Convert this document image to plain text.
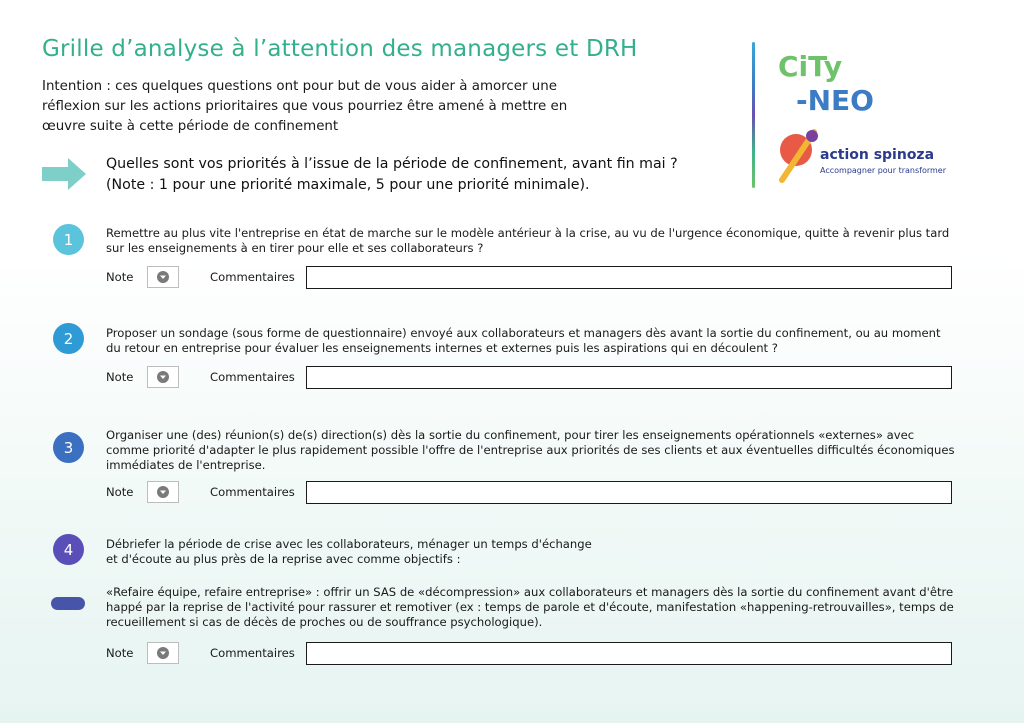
Grille d’analyse à l’attention des managers et DRH
Intention : ces quelques questions ont pour but de vous aider à amorcer une réflexion sur les actions prioritaires que vous pourriez être amené à mettre en œuvre suite à cette période de confinement
CiTy
-NEO
action spinoza
Accompagner pour transformer
Quelles sont vos priorités à l’issue de la période de confinement, avant fin mai ?
(Note : 1 pour une priorité maximale, 5 pour une priorité minimale).
1	Remettre au plus vite l'entreprise en état de marche sur le modèle antérieur à la crise, au vu de l'urgence économique, quitte à revenir plus tard sur les enseignements à en tirer pour elle et ses collaborateurs ?
Note	Commentaires
2	Proposer un sondage (sous forme de questionnaire) envoyé aux collaborateurs et managers dès avant la sortie du confinement, ou au moment du retour en entreprise pour évaluer les enseignements internes et externes puis les aspirations qui en découlent ?
Note	Commentaires
3
Organiser une (des) réunion(s) de(s) direction(s) dès la sortie du confinement, pour tirer les enseignements opérationnels «externes» avec comme priorité d'adapter le plus rapidement possible l'offre de l'entreprise aux priorités de ses clients et aux éventuelles difficultés économiques immédiates de l'entreprise.
Note	Commentaires
4	Débriefer la période de crise avec les collaborateurs, ménager un temps d'échange et d'écoute au plus près de la reprise avec comme objectifs :
«Refaire équipe, refaire entreprise» : offrir un SAS de «décompression» aux collaborateurs et managers dès la sortie du confinement avant d'être happé par la reprise de l'activité pour rassurer et remotiver (ex : temps de parole et d'écoute, manifestation «happening-retrouvailles», temps de recueillement si cas de décès de proches ou de souffrance psychologique).
Note	Commentaires
